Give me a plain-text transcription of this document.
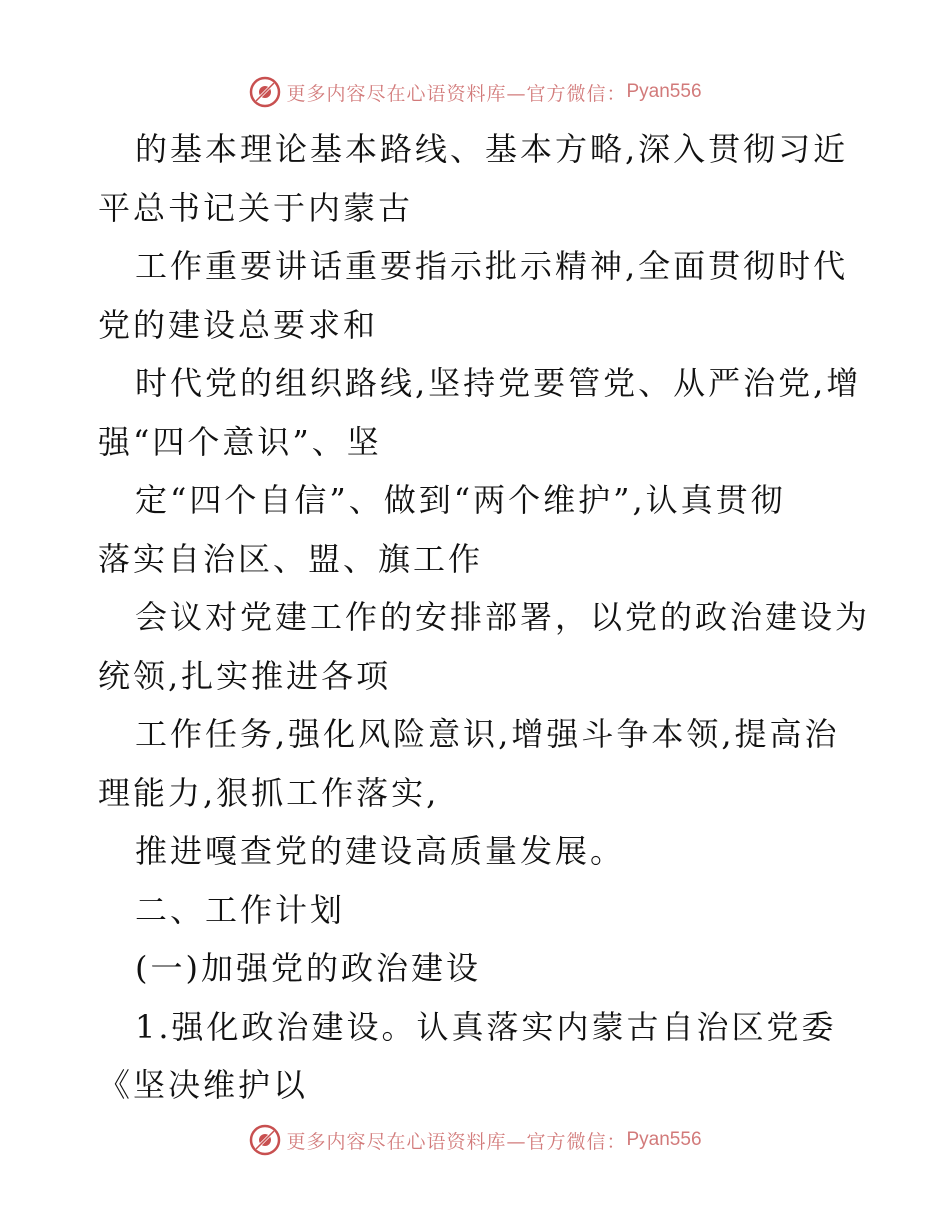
更多内容尽在心语资料库—官方微信： Pyan556
的基本理论基本路线、基本方略,深入贯彻习近
平总书记关于内蒙古
工作重要讲话重要指示批示精神,全面贯彻时代
党的建设总要求和
时代党的组织路线,坚持党要管党、从严治党,增
强“四个意识”、坚
定“四个自信”、做到“两个维护”,认真贯彻
落实自治区、盟、旗工作
会议对党建工作的安排部署，以党的政治建设为
统领,扎实推进各项
工作任务,强化风险意识,增强斗争本领,提高治
理能力,狠抓工作落实,
推进嘎查党的建设高质量发展。
二、工作计划
(一)加强党的政治建设
1.强化政治建设。认真落实内蒙古自治区党委
《坚决维护以
更多内容尽在心语资料库—官方微信： Pyan556
